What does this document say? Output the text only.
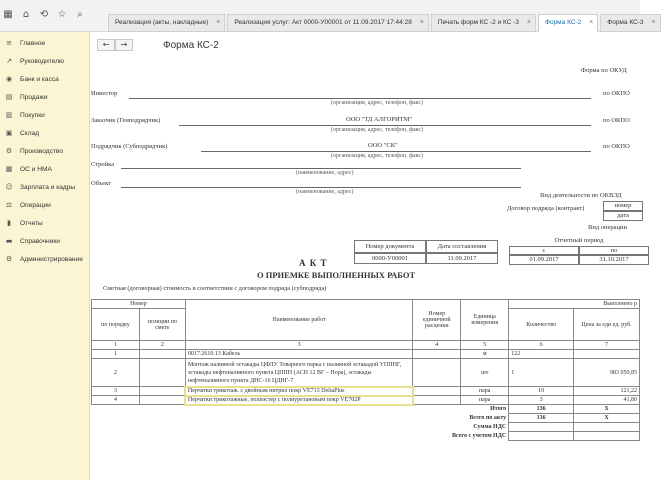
▦ ⌂ ⟲ ☆	⌕
Реализация (акты, накладные) ×	Реализация услуг: Акт 0000-У00001 от 11.09.2017 17:44:28 ×	Печать форм КС -2 и КС -3 ×	Форма КС-2 ×	Форма КС-3 ×
≡	Главное
↗	Руководителю
◉ Банк и касса
▤ Продажи
▥ Покупки
▣ Склад
⚙ Производство
▦ ОС и НМА
☺ Зарплата и кадры
⚖ Операции
▮	Отчеты
▬ Справочники
⚙ Администрирование
←	→	Форма КС-2
Форма по ОКУД
Инвестор
(организация, адрес, телефон, факс)
по ОКПО
Заказчик (Генподрядчик)	ООО "ТД АЛГОРИТМ"
(организация, адрес, телефон, факс)
по ОКПО
Подрядчик (Субподрядчик)	ООО "СК"
(организация, адрес, телефон, факс)
по ОКПО
Стройка
(наименование, адрес)
Объект
(наименование, адрес)	Вид деятельности по ОКВЭД
Договор подряда (контракт)	номер
дата
Вид операции
Номер документа	Дата составления
0000-У00001	11.09.2017
Отчетный период
с	по
01.09.2017	31.10.2017
А К Т
О ПРИЕМКЕ ВЫПОЛНЕННЫХ РАБОТ
Сметная (договорная) стоимость в соответствии с договором подряда (субподряда)
Номер		Наименование работ	Номер единичной расценки	Единица измерения	Выполнено р	
по порядку	позиции по смете				Количество	Цена за еди ед. руб.
1	2	3	4	5	6	7
1		0017.2610.13 Кабель		м	122	
2		Монтаж наливной эстакады ЦФЛУ Товарного парка с наливной эстакадой УППНГ, эстакады нефтеналивного пункта ЦППН (АСН 12 ВГ – Нора), эстакады нефтеналивного пункта ДНС-16 ЦДНГ-7		шт	1	983 050,85
3		Перчатки трикотаж. с двойным нитрил покр VE713 DeltaPlus		пара	10	121,22
4		Перчатки трикотажные, полиэстер с полиуретановым покр VE702P		пара	3	41,80
Итого					136	X
Всего по акту					136	X
Сумма НДС						
Всего с учетом НДС						
